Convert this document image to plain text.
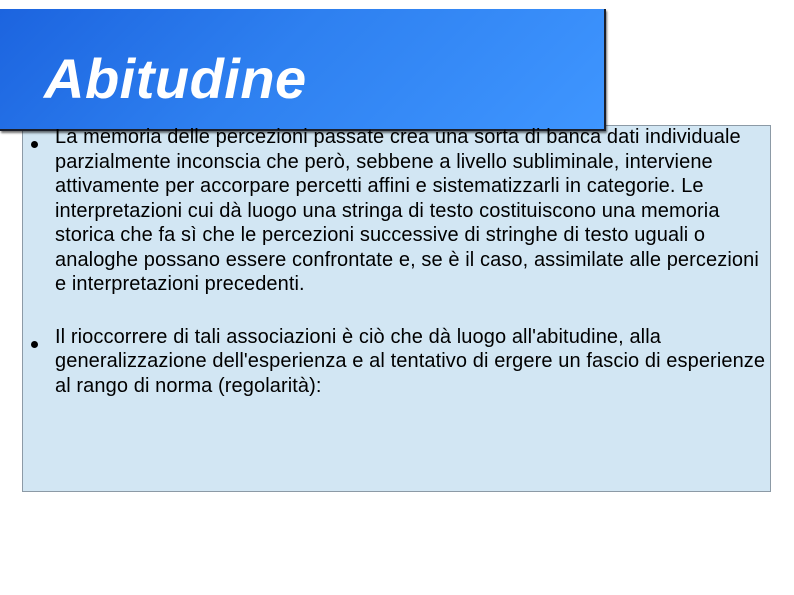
Abitudine
La memoria delle percezioni passate crea una sorta di banca dati individuale parzialmente inconscia che però, sebbene a livello subliminale, interviene attivamente per accorpare percetti affini e sistematizzarli in categorie. Le interpretazioni cui dà luogo una stringa di testo costituiscono una memoria storica che fa sì che le percezioni successive di stringhe di testo uguali o analoghe possano essere confrontate e, se è il caso, assimilate alle percezioni e interpretazioni precedenti.
Il rioccorrere di tali associazioni è ciò che dà luogo all'abitudine, alla generalizzazione dell'esperienza e al tentativo di ergere un fascio di esperienze al rango di norma (regolarità):
